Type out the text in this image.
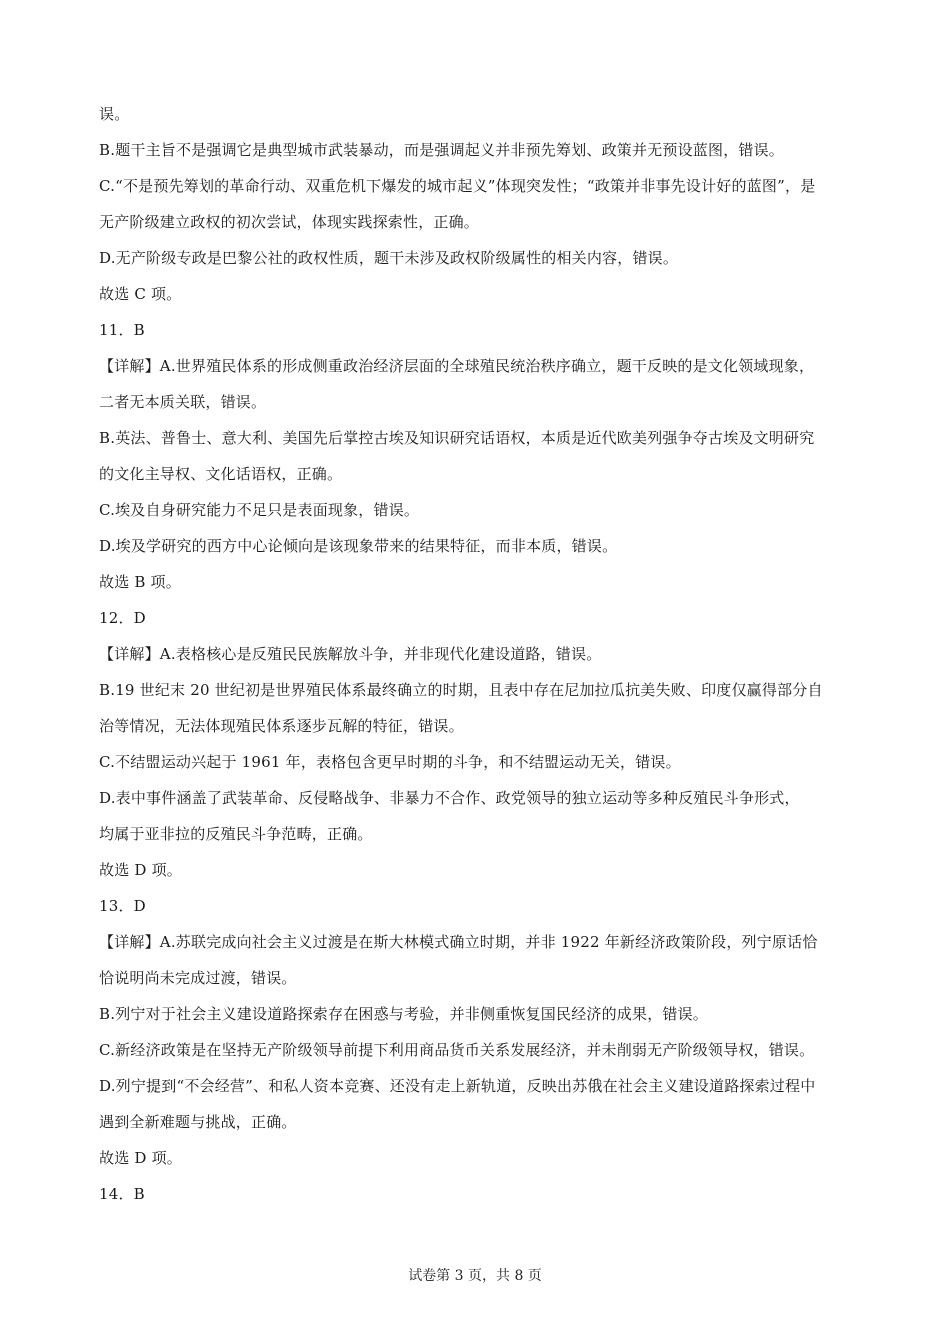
误。
B.题干主旨不是强调它是典型城市武装暴动，而是强调起义并非预先筹划、政策并无预设蓝图，错误。
C.“不是预先筹划的革命行动、双重危机下爆发的城市起义”体现突发性；“政策并非事先设计好的蓝图”，是
无产阶级建立政权的初次尝试，体现实践探索性，正确。
D.无产阶级专政是巴黎公社的政权性质，题干未涉及政权阶级属性的相关内容，错误。
故选 C 项。
11．B
【详解】A.世界殖民体系的形成侧重政治经济层面的全球殖民统治秩序确立，题干反映的是文化领域现象，
二者无本质关联，错误。
B.英法、普鲁士、意大利、美国先后掌控古埃及知识研究话语权，本质是近代欧美列强争夺古埃及文明研究
的文化主导权、文化话语权，正确。
C.埃及自身研究能力不足只是表面现象，错误。
D.埃及学研究的西方中心论倾向是该现象带来的结果特征，而非本质，错误。
故选 B 项。
12．D
【详解】A.表格核心是反殖民民族解放斗争，并非现代化建设道路，错误。
B.19 世纪末 20 世纪初是世界殖民体系最终确立的时期，且表中存在尼加拉瓜抗美失败、印度仅赢得部分自
治等情况，无法体现殖民体系逐步瓦解的特征，错误。
C.不结盟运动兴起于 1961 年，表格包含更早时期的斗争，和不结盟运动无关，错误。
D.表中事件涵盖了武装革命、反侵略战争、非暴力不合作、政党领导的独立运动等多种反殖民斗争形式，
均属于亚非拉的反殖民斗争范畴，正确。
故选 D 项。
13．D
【详解】A.苏联完成向社会主义过渡是在斯大林模式确立时期，并非 1922 年新经济政策阶段，列宁原话恰
恰说明尚未完成过渡，错误。
B.列宁对于社会主义建设道路探索存在困惑与考验，并非侧重恢复国民经济的成果，错误。
C.新经济政策是在坚持无产阶级领导前提下利用商品货币关系发展经济，并未削弱无产阶级领导权，错误。
D.列宁提到“不会经营”、和私人资本竞赛、还没有走上新轨道，反映出苏俄在社会主义建设道路探索过程中
遇到全新难题与挑战，正确。
故选 D 项。
14．B
试卷第 3 页，共 8 页
